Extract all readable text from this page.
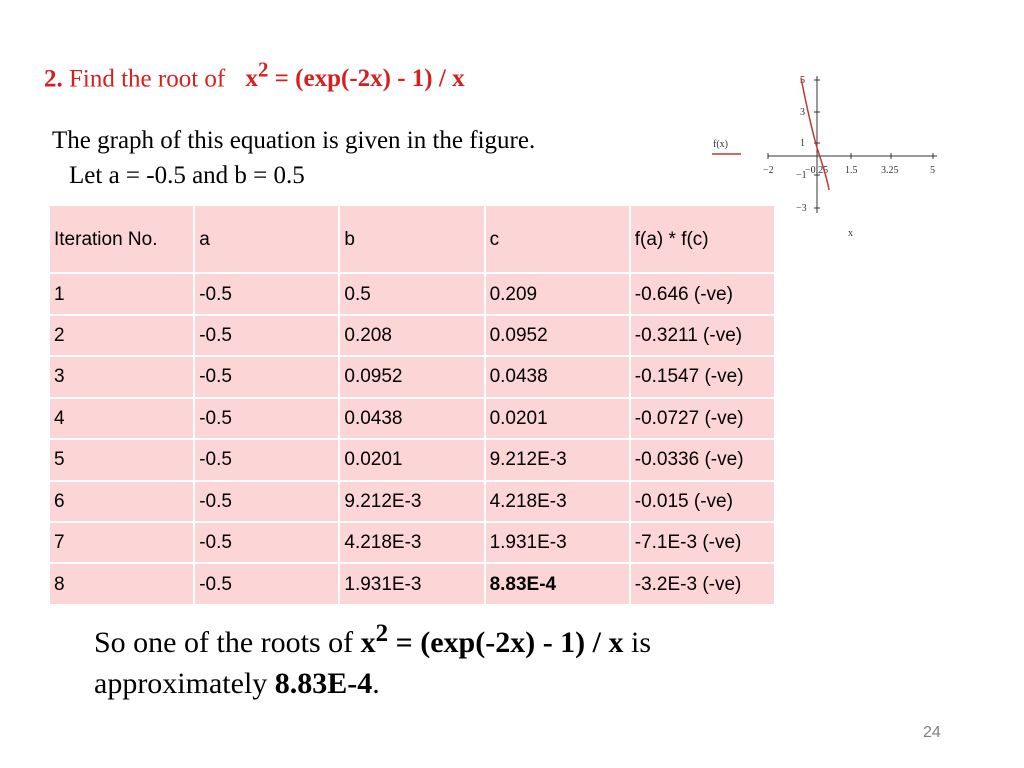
2. Find the root of $x^2 = (\exp(-2x) - 1) / x$
The graph of this equation is given in the figure.
Let a = -0.5 and b = 0.5
f(x)
−2	−0.25 1.5 3.25	5
5
3
1
−1
−3
x
Iteration No.	a	b	c	f(a) * f(c)
1	-0.5	0.5	0.209	-0.646 (-ve)
2	-0.5	0.208	0.0952	-0.3211 (-ve)
3	-0.5	0.0952	0.0438	-0.1547 (-ve)
4	-0.5	0.0438	0.0201	-0.0727 (-ve)
5	-0.5	0.0201	9.212E-3	-0.0336 (-ve)
6	-0.5	9.212E-3	4.218E-3	-0.015 (-ve)
7	-0.5	4.218E-3	1.931E-3	-7.1E-3 (-ve)
8	-0.5	1.931E-3	8.83E-4	-3.2E-3 (-ve)
So one of the roots of $x^2 = (\exp(-2x) - 1) / x$ is approximately 8.83E-4.
24
